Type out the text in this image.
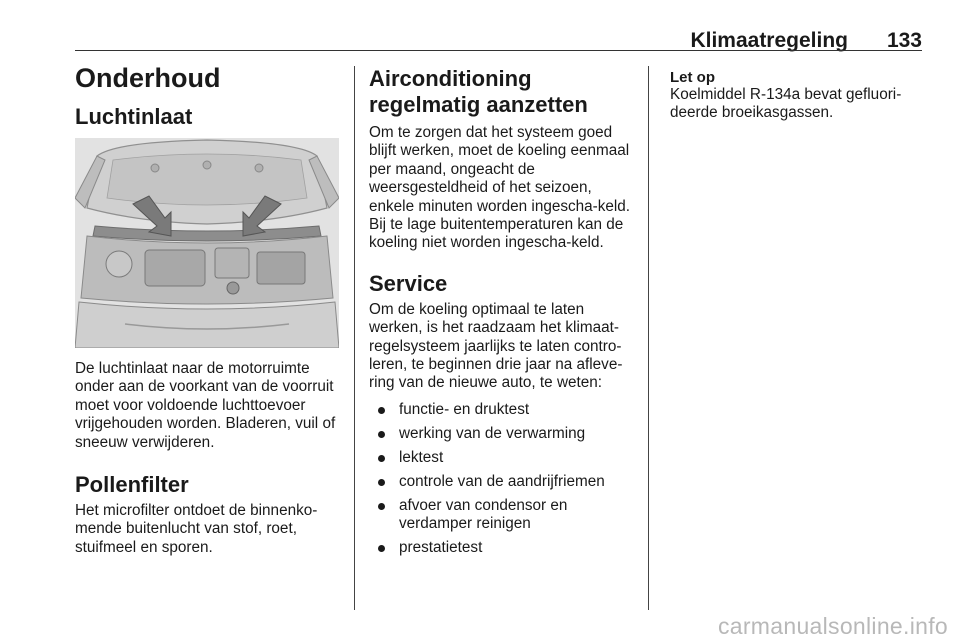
Klimaatregeling 133
Onderhoud
Luchtinlaat

De luchtinlaat naar de motorruimte onder aan de voorkant van de voorruit moet voor voldoende luchttoevoer vrijgehouden worden. Bladeren, vuil of sneeuw verwijderen.

Pollenfilter

Het microfilter ontdoet de binnenko-mende buitenlucht van stof, roet, stuifmeel en sporen.

Airconditioning regelmatig aanzetten

Om te zorgen dat het systeem goed blijft werken, moet de koeling eenmaal per maand, ongeacht de weersgesteldheid of het seizoen, enkele minuten worden ingescha-keld. Bij te lage buitentemperaturen kan de koeling niet worden ingescha-keld.

Service

Om de koeling optimaal te laten werken, is het raadzaam het klimaat-regelsysteem jaarlijks te laten contro-leren, te beginnen drie jaar na afleve-ring van de nieuwe auto, te weten:

functie- en druktest
werking van de verwarming
lektest
controle van de aandrijfriemen
afvoer van condensor en verdamper reinigen
prestatietest
Let op

Koelmiddel R-134a bevat gefluori-deerde broeikasgassen.

carmanualsonline.info
